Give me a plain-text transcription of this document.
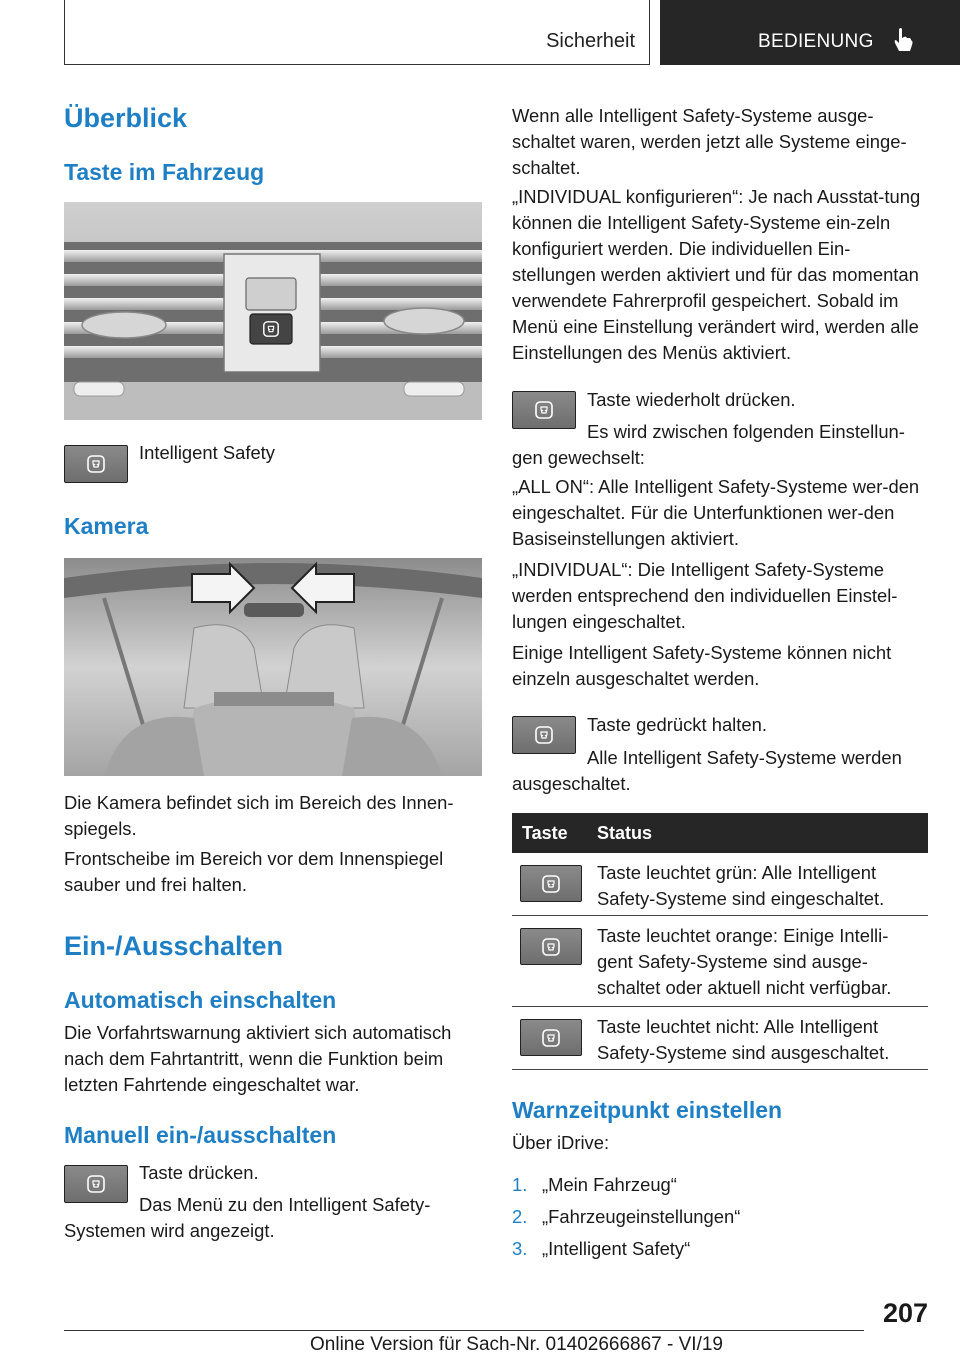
Sicherheit	BEDIENUNG
Überblick
Taste im Fahrzeug
Intelligent Safety
Kamera
Die Kamera befindet sich im Bereich des Innen-spiegels.
Frontscheibe im Bereich vor dem Innenspiegel sauber und frei halten.
Ein-/Ausschalten
Automatisch einschalten
Die Vorfahrtswarnung aktiviert sich automatisch nach dem Fahrtantritt, wenn die Funktion beim letzten Fahrtende eingeschaltet war.
Manuell ein-/ausschalten
Taste drücken.
Das Menü zu den Intelligent Safety-Systemen wird angezeigt.
Wenn alle Intelligent Safety-Systeme ausge-schaltet waren, werden jetzt alle Systeme einge-schaltet.
„INDIVIDUAL konfigurieren“: Je nach Ausstat-tung können die Intelligent Safety-Systeme ein-zeln konfiguriert werden. Die individuellen Ein-stellungen werden aktiviert und für das momentan verwendete Fahrerprofil gespeichert. Sobald im Menü eine Einstellung verändert wird, werden alle Einstellungen des Menüs aktiviert.
Taste wiederholt drücken.
Es wird zwischen folgenden Einstellun-gen gewechselt:
„ALL ON“: Alle Intelligent Safety-Systeme wer-den eingeschaltet. Für die Unterfunktionen wer-den Basiseinstellungen aktiviert.
„INDIVIDUAL“: Die Intelligent Safety-Systeme werden entsprechend den individuellen Einstel-lungen eingeschaltet.
Einige Intelligent Safety-Systeme können nicht einzeln ausgeschaltet werden.
Taste gedrückt halten.
Alle Intelligent Safety-Systeme werden ausgeschaltet.
Taste Status
Taste leuchtet grün: Alle Intelligent Safety-Systeme sind eingeschaltet.
Taste leuchtet orange: Einige Intelli-gent Safety-Systeme sind ausge-schaltet oder aktuell nicht verfügbar.
Taste leuchtet nicht: Alle Intelligent Safety-Systeme sind ausgeschaltet.
Warnzeitpunkt einstellen
Über iDrive:
1. „Mein Fahrzeug“
2. „Fahrzeugeinstellungen“
3. „Intelligent Safety“
207
Online Version für Sach-Nr. 01402666867 - VI/19
